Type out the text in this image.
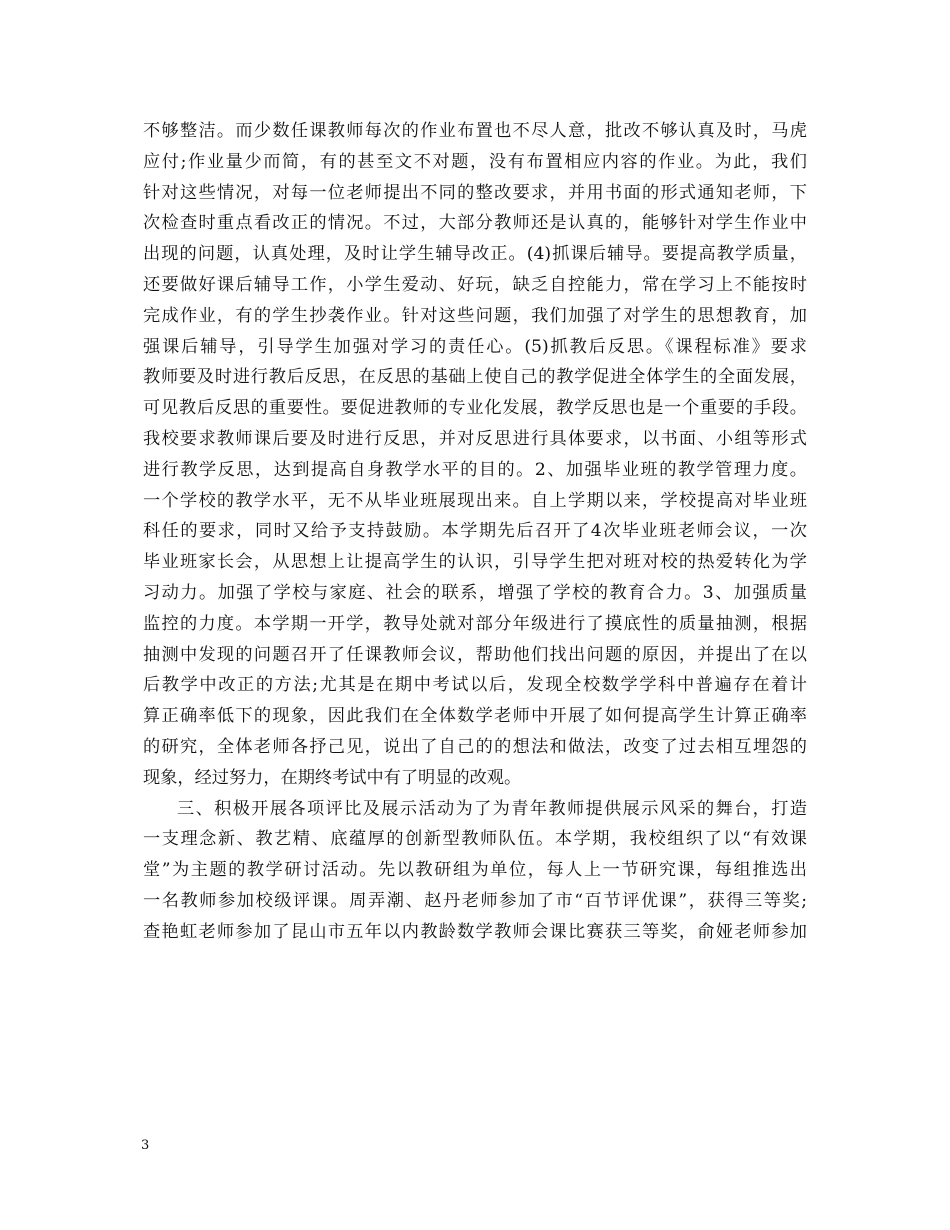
不够整洁。而少数任课教师每次的作业布置也不尽人意，批改不够认真及时，马虎
应付;作业量少而简，有的甚至文不对题，没有布置相应内容的作业。为此，我们
针对这些情况，对每一位老师提出不同的整改要求，并用书面的形式通知老师，下
次检查时重点看改正的情况。不过，大部分教师还是认真的，能够针对学生作业中
出现的问题，认真处理，及时让学生辅导改正。(4)抓课后辅导。要提高教学质量，
还要做好课后辅导工作，小学生爱动、好玩，缺乏自控能力，常在学习上不能按时
完成作业，有的学生抄袭作业。针对这些问题，我们加强了对学生的思想教育，加
强课后辅导，引导学生加强对学习的责任心。(5)抓教后反思。《课程标准》要求
教师要及时进行教后反思，在反思的基础上使自己的教学促进全体学生的全面发展，
可见教后反思的重要性。要促进教师的专业化发展，教学反思也是一个重要的手段。
我校要求教师课后要及时进行反思，并对反思进行具体要求，以书面、小组等形式
进行教学反思，达到提高自身教学水平的目的。2、加强毕业班的教学管理力度。
一个学校的教学水平，无不从毕业班展现出来。自上学期以来，学校提高对毕业班
科任的要求，同时又给予支持鼓励。本学期先后召开了4次毕业班老师会议，一次
毕业班家长会，从思想上让提高学生的认识，引导学生把对班对校的热爱转化为学
习动力。加强了学校与家庭、社会的联系，增强了学校的教育合力。3、加强质量
监控的力度。本学期一开学，教导处就对部分年级进行了摸底性的质量抽测，根据
抽测中发现的问题召开了任课教师会议，帮助他们找出问题的原因，并提出了在以
后教学中改正的方法;尤其是在期中考试以后，发现全校数学学科中普遍存在着计
算正确率低下的现象，因此我们在全体数学老师中开展了如何提高学生计算正确率
的研究，全体老师各抒己见，说出了自己的的想法和做法，改变了过去相互埋怨的
现象，经过努力，在期终考试中有了明显的改观。
三、积极开展各项评比及展示活动为了为青年教师提供展示风采的舞台，打造
一支理念新、教艺精、底蕴厚的创新型教师队伍。本学期，我校组织了以“有效课
堂”为主题的教学研讨活动。先以教研组为单位，每人上一节研究课，每组推选出
一名教师参加校级评课。周弄潮、赵丹老师参加了市“百节评优课”，获得三等奖;
查艳虹老师参加了昆山市五年以内教龄数学教师会课比赛获三等奖，俞娅老师参加
3
